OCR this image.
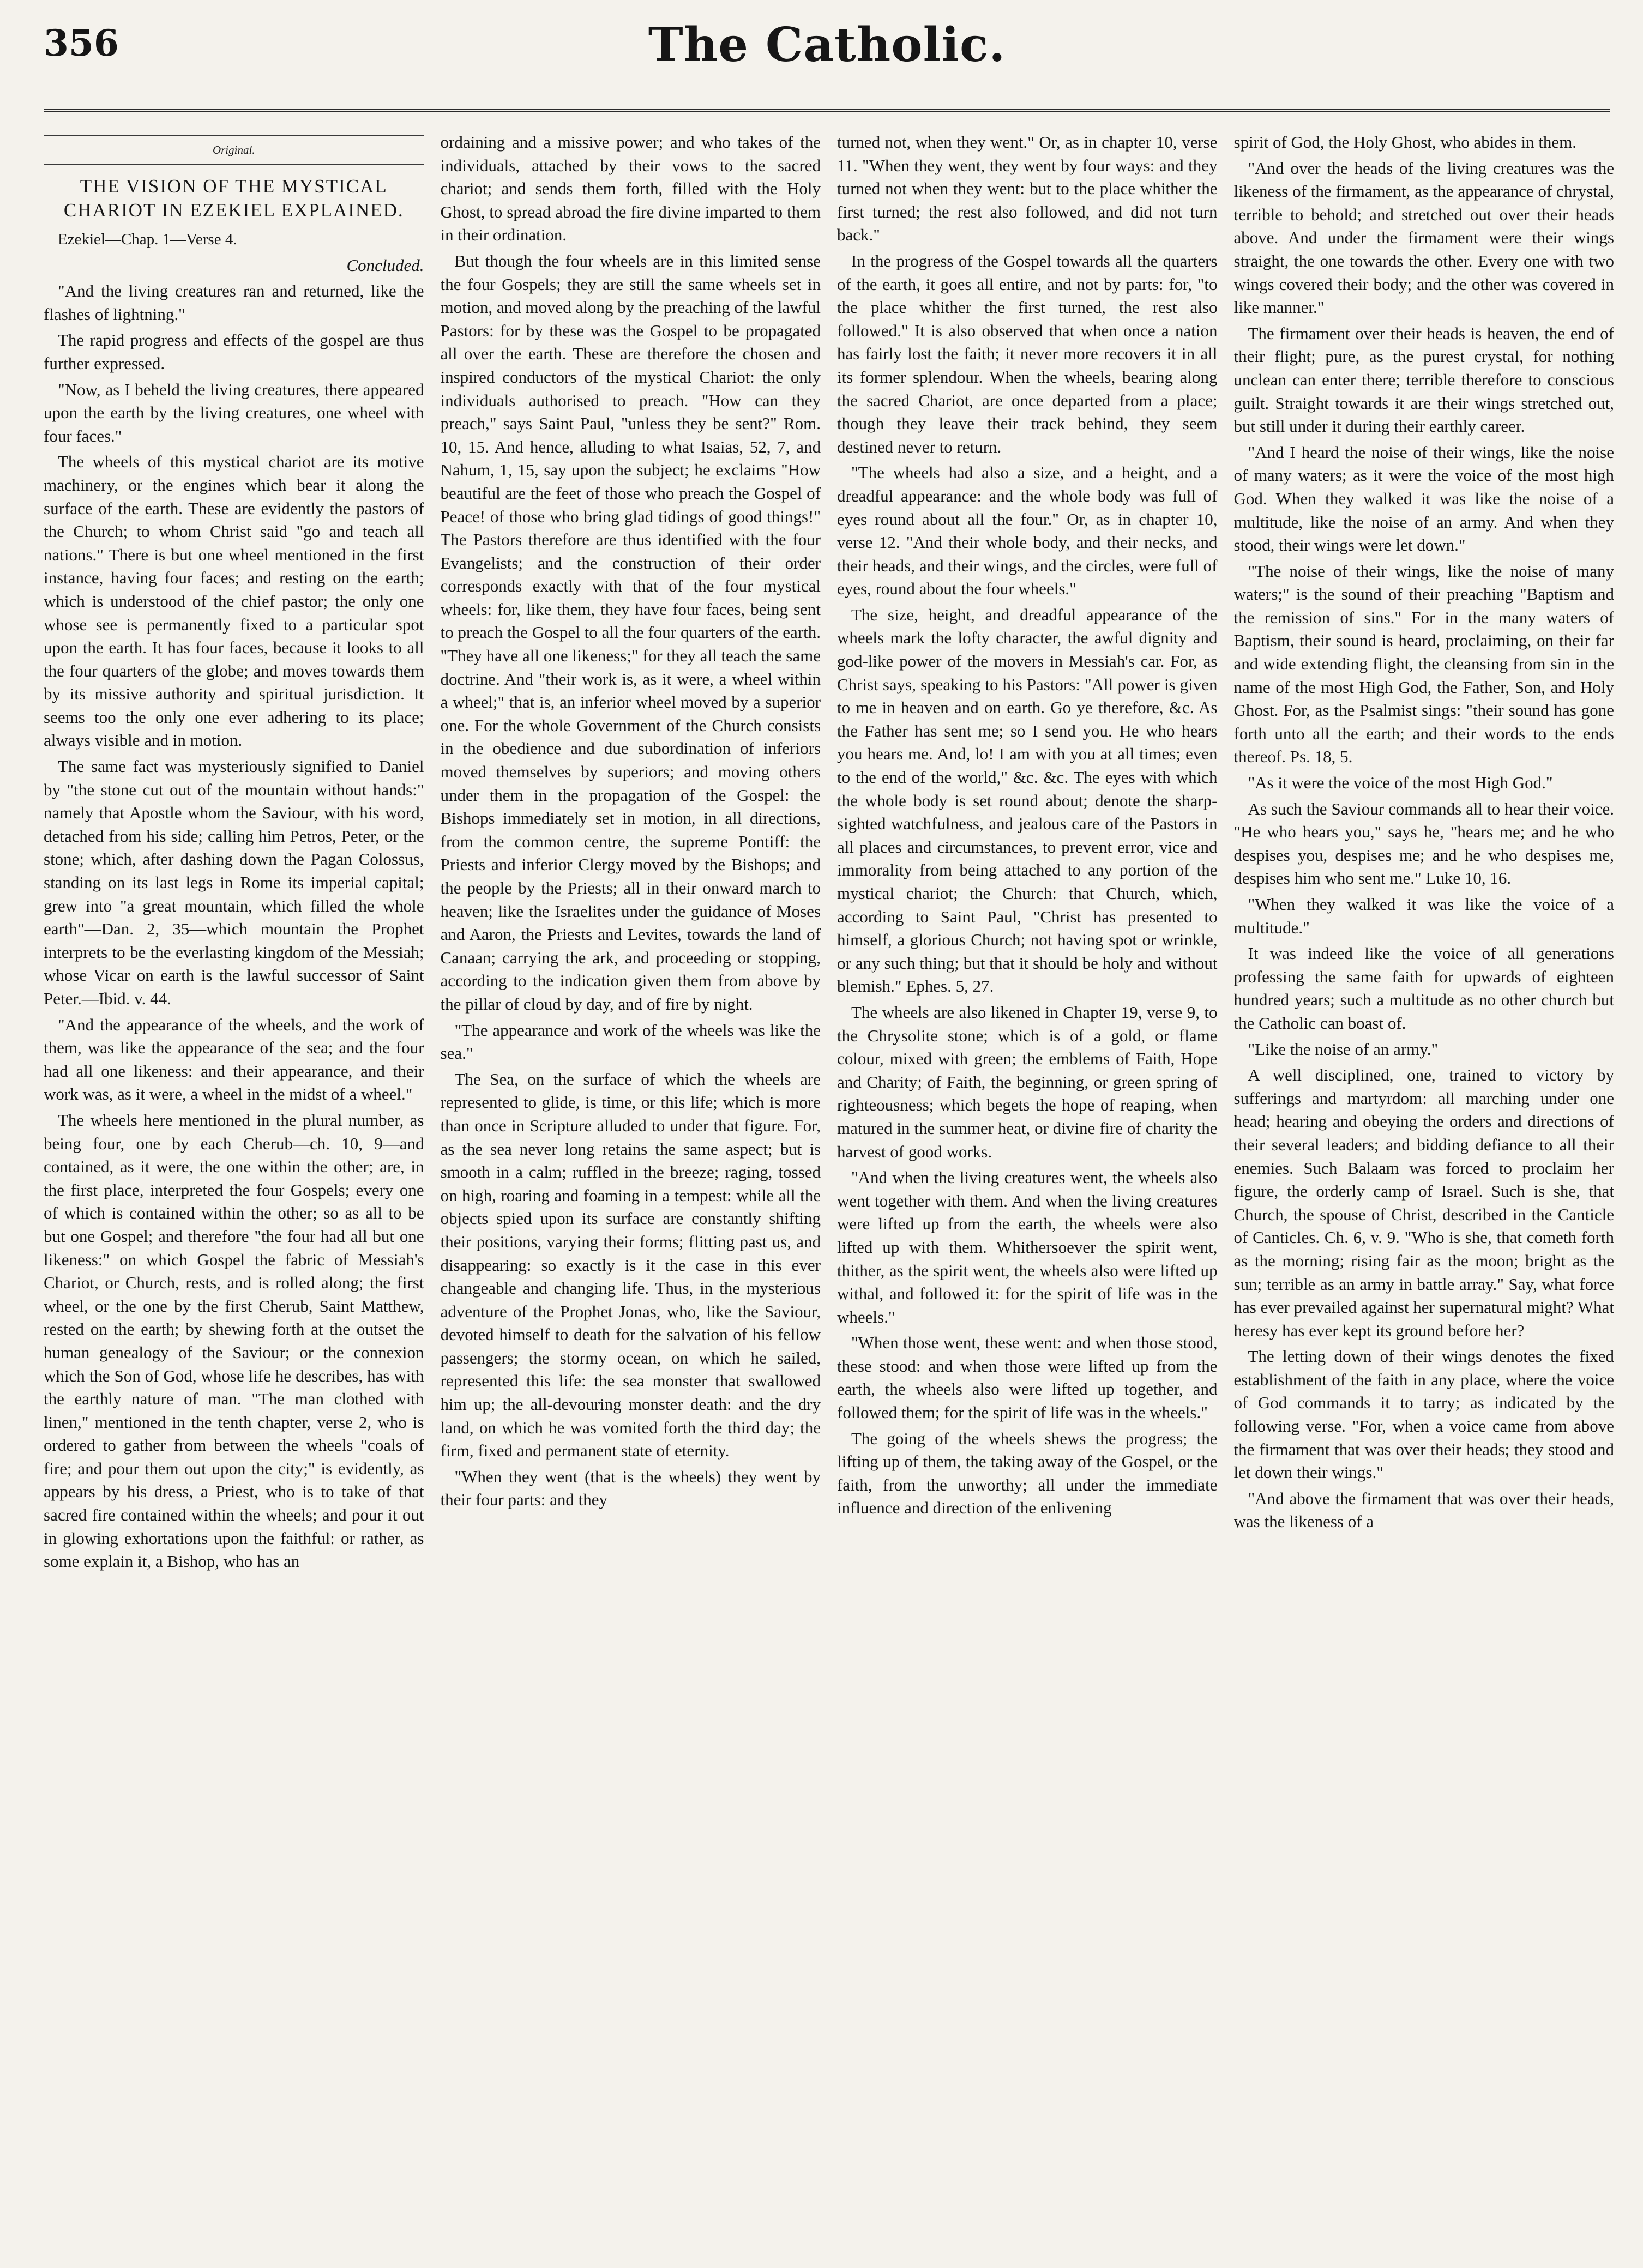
356	The Catholic.
Original.
THE VISION OF THE MYSTICAL CHARIOT IN EZEKIEL EXPLAINED.

Ezekiel—Chap. 1—Verse 4.

Concluded.

"And the living creatures ran and returned, like the flashes of lightning."

The rapid progress and effects of the gospel are thus further expressed.

"Now, as I beheld the living creatures, there appeared upon the earth by the living creatures, one wheel with four faces."

The wheels of this mystical chariot are its motive machinery, or the engines which bear it along the surface of the earth. These are evidently the pastors of the Church; to whom Christ said "go and teach all nations." There is but one wheel mentioned in the first instance, having four faces; and resting on the earth; which is understood of the chief pastor; the only one whose see is permanently fixed to a particular spot upon the earth. It has four faces, because it looks to all the four quarters of the globe; and moves towards them by its missive authority and spiritual jurisdiction. It seems too the only one ever adhering to its place; always visible and in motion.

The same fact was mysteriously signified to Daniel by "the stone cut out of the mountain without hands:" namely that Apostle whom the Saviour, with his word, detached from his side; calling him Petros, Peter, or the stone; which, after dashing down the Pagan Colossus, standing on its last legs in Rome its imperial capital; grew into "a great mountain, which filled the whole earth"—Dan. 2, 35—which mountain the Prophet interprets to be the everlasting kingdom of the Messiah; whose Vicar on earth is the lawful successor of Saint Peter.—Ibid. v. 44.

"And the appearance of the wheels, and the work of them, was like the appearance of the sea; and the four had all one likeness: and their appearance, and their work was, as it were, a wheel in the midst of a wheel."

The wheels here mentioned in the plural number, as being four, one by each Cherub—ch. 10, 9—and contained, as it were, the one within the other; are, in the first place, interpreted the four Gospels; every one of which is contained within the other; so as all to be but one Gospel; and therefore "the four had all but one likeness:" on which Gospel the fabric of Messiah's Chariot, or Church, rests, and is rolled along; the first wheel, or the one by the first Cherub, Saint Matthew, rested on the earth; by shewing forth at the outset the human genealogy of the Saviour; or the connexion which the Son of God, whose life he describes, has with the earthly nature of man. "The man clothed with linen," mentioned in the tenth chapter, verse 2, who is ordered to gather from between the wheels "coals of fire; and pour them out upon the city;" is evidently, as appears by his dress, a Priest, who is to take of that sacred fire contained within the wheels; and pour it out in glowing exhortations upon the faithful: or rather, as some explain it, a Bishop, who has an

ordaining and a missive power; and who takes of the individuals, attached by their vows to the sacred chariot; and sends them forth, filled with the Holy Ghost, to spread abroad the fire divine imparted to them in their ordination.

But though the four wheels are in this limited sense the four Gospels; they are still the same wheels set in motion, and moved along by the preaching of the lawful Pastors: for by these was the Gospel to be propagated all over the earth. These are therefore the chosen and inspired conductors of the mystical Chariot: the only individuals authorised to preach. "How can they preach," says Saint Paul, "unless they be sent?" Rom. 10, 15. And hence, alluding to what Isaias, 52, 7, and Nahum, 1, 15, say upon the subject; he exclaims "How beautiful are the feet of those who preach the Gospel of Peace! of those who bring glad tidings of good things!" The Pastors therefore are thus identified with the four Evangelists; and the construction of their order corresponds exactly with that of the four mystical wheels: for, like them, they have four faces, being sent to preach the Gospel to all the four quarters of the earth. "They have all one likeness;" for they all teach the same doctrine. And "their work is, as it were, a wheel within a wheel;" that is, an inferior wheel moved by a superior one. For the whole Government of the Church consists in the obedience and due subordination of inferiors moved themselves by superiors; and moving others under them in the propagation of the Gospel: the Bishops immediately set in motion, in all directions, from the common centre, the supreme Pontiff: the Priests and inferior Clergy moved by the Bishops; and the people by the Priests; all in their onward march to heaven; like the Israelites under the guidance of Moses and Aaron, the Priests and Levites, towards the land of Canaan; carrying the ark, and proceeding or stopping, according to the indication given them from above by the pillar of cloud by day, and of fire by night.

"The appearance and work of the wheels was like the sea."

The Sea, on the surface of which the wheels are represented to glide, is time, or this life; which is more than once in Scripture alluded to under that figure. For, as the sea never long retains the same aspect; but is smooth in a calm; ruffled in the breeze; raging, tossed on high, roaring and foaming in a tempest: while all the objects spied upon its surface are constantly shifting their positions, varying their forms; flitting past us, and disappearing: so exactly is it the case in this ever changeable and changing life. Thus, in the mysterious adventure of the Prophet Jonas, who, like the Saviour, devoted himself to death for the salvation of his fellow passengers; the stormy ocean, on which he sailed, represented this life: the sea monster that swallowed him up; the all-devouring monster death: and the dry land, on which he was vomited forth the third day; the firm, fixed and permanent state of eternity.

"When they went (that is the wheels) they went by their four parts: and they

turned not, when they went." Or, as in chapter 10, verse 11. "When they went, they went by four ways: and they turned not when they went: but to the place whither the first turned; the rest also followed, and did not turn back."

In the progress of the Gospel towards all the quarters of the earth, it goes all entire, and not by parts: for, "to the place whither the first turned, the rest also followed." It is also observed that when once a nation has fairly lost the faith; it never more recovers it in all its former splendour. When the wheels, bearing along the sacred Chariot, are once departed from a place; though they leave their track behind, they seem destined never to return.

"The wheels had also a size, and a height, and a dreadful appearance: and the whole body was full of eyes round about all the four." Or, as in chapter 10, verse 12. "And their whole body, and their necks, and their heads, and their wings, and the circles, were full of eyes, round about the four wheels."

The size, height, and dreadful appearance of the wheels mark the lofty character, the awful dignity and god-like power of the movers in Messiah's car. For, as Christ says, speaking to his Pastors: "All power is given to me in heaven and on earth. Go ye therefore, &c. As the Father has sent me; so I send you. He who hears you hears me. And, lo! I am with you at all times; even to the end of the world," &c. &c. The eyes with which the whole body is set round about; denote the sharp-sighted watchfulness, and jealous care of the Pastors in all places and circumstances, to prevent error, vice and immorality from being attached to any portion of the mystical chariot; the Church: that Church, which, according to Saint Paul, "Christ has presented to himself, a glorious Church; not having spot or wrinkle, or any such thing; but that it should be holy and without blemish." Ephes. 5, 27.

The wheels are also likened in Chapter 19, verse 9, to the Chrysolite stone; which is of a gold, or flame colour, mixed with green; the emblems of Faith, Hope and Charity; of Faith, the beginning, or green spring of righteousness; which begets the hope of reaping, when matured in the summer heat, or divine fire of charity the harvest of good works.

"And when the living creatures went, the wheels also went together with them. And when the living creatures were lifted up from the earth, the wheels were also lifted up with them. Whithersoever the spirit went, thither, as the spirit went, the wheels also were lifted up withal, and followed it: for the spirit of life was in the wheels."

"When those went, these went: and when those stood, these stood: and when those were lifted up from the earth, the wheels also were lifted up together, and followed them; for the spirit of life was in the wheels."

The going of the wheels shews the progress; the lifting up of them, the taking away of the Gospel, or the faith, from the unworthy; all under the immediate influence and direction of the enlivening

spirit of God, the Holy Ghost, who abides in them.

"And over the heads of the living creatures was the likeness of the firmament, as the appearance of chrystal, terrible to behold; and stretched out over their heads above. And under the firmament were their wings straight, the one towards the other. Every one with two wings covered their body; and the other was covered in like manner."

The firmament over their heads is heaven, the end of their flight; pure, as the purest crystal, for nothing unclean can enter there; terrible therefore to conscious guilt. Straight towards it are their wings stretched out, but still under it during their earthly career.

"And I heard the noise of their wings, like the noise of many waters; as it were the voice of the most high God. When they walked it was like the noise of a multitude, like the noise of an army. And when they stood, their wings were let down."

"The noise of their wings, like the noise of many waters;" is the sound of their preaching "Baptism and the remission of sins." For in the many waters of Baptism, their sound is heard, proclaiming, on their far and wide extending flight, the cleansing from sin in the name of the most High God, the Father, Son, and Holy Ghost. For, as the Psalmist sings: "their sound has gone forth unto all the earth; and their words to the ends thereof. Ps. 18, 5.

"As it were the voice of the most High God."

As such the Saviour commands all to hear their voice. "He who hears you," says he, "hears me; and he who despises you, despises me; and he who despises me, despises him who sent me." Luke 10, 16.

"When they walked it was like the voice of a multitude."

It was indeed like the voice of all generations professing the same faith for upwards of eighteen hundred years; such a multitude as no other church but the Catholic can boast of.

"Like the noise of an army."

A well disciplined, one, trained to victory by sufferings and martyrdom: all marching under one head; hearing and obeying the orders and directions of their several leaders; and bidding defiance to all their enemies. Such Balaam was forced to proclaim her figure, the orderly camp of Israel. Such is she, that Church, the spouse of Christ, described in the Canticle of Canticles. Ch. 6, v. 9. "Who is she, that cometh forth as the morning; rising fair as the moon; bright as the sun; terrible as an army in battle array." Say, what force has ever prevailed against her supernatural might? What heresy has ever kept its ground before her?

The letting down of their wings denotes the fixed establishment of the faith in any place, where the voice of God commands it to tarry; as indicated by the following verse. "For, when a voice came from above the firmament that was over their heads; they stood and let down their wings."

"And above the firmament that was over their heads, was the likeness of a
